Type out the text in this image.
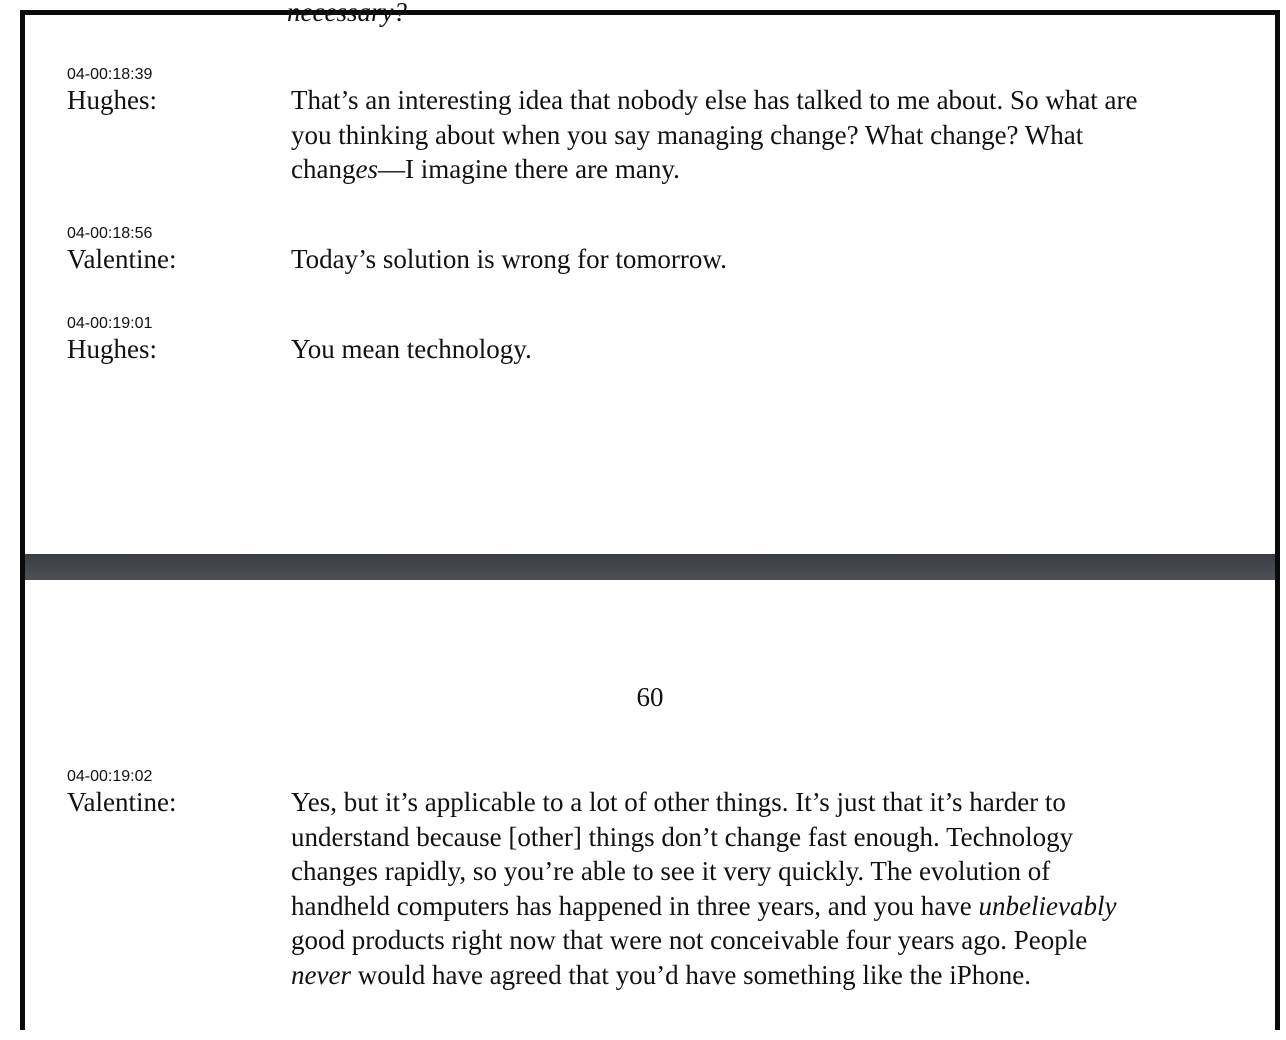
necessary?
04-00:18:39
Hughes:	That’s an interesting idea that nobody else has talked to me about. So what are
you thinking about when you say managing change? What change? What
changes—I imagine there are many.
04-00:18:56
Valentine:	Today’s solution is wrong for tomorrow.
04-00:19:01
Hughes:	You mean technology.
60
04-00:19:02
Valentine:	Yes, but it’s applicable to a lot of other things. It’s just that it’s harder to
understand because [other] things don’t change fast enough. Technology
changes rapidly, so you’re able to see it very quickly. The evolution of
handheld computers has happened in three years, and you have unbelievably
good products right now that were not conceivable four years ago. People
never would have agreed that you’d have something like the iPhone.
